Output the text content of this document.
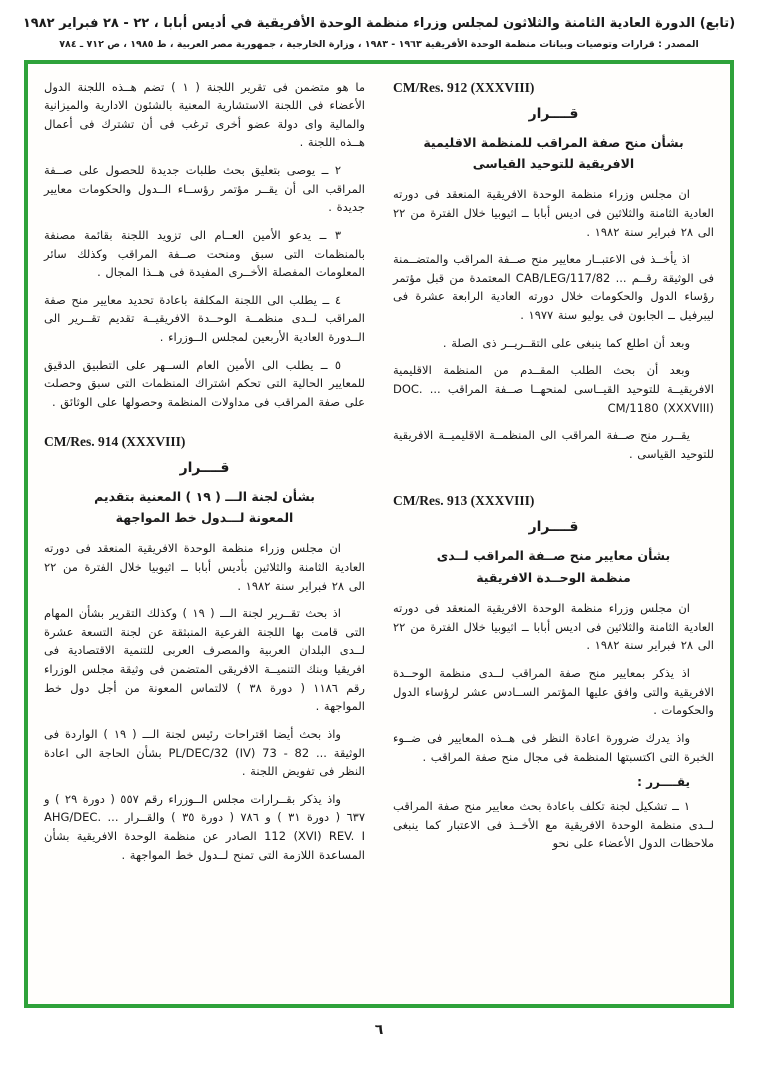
(تابع) الدورة العادية الثامنة والثلاثون لمجلس وزراء منظمة الوحدة الأفريقية في أديس أبابا ، ٢٢ - ٢٨ فبراير ١٩٨٢
المصدر : قرارات وتوصيات وبيانات منظمة الوحدة الأفريقية ١٩٦٣ - ١٩٨٣ ، وزارة الخارجية ، جمهورية مصر العربية ، ط ١٩٨٥ ، ص ٧١٢ ـ ٧٨٤
CM/Res. 912 (XXXVIII)
قــــرار
بشأن منح صفة المراقب للمنظمة الاقليمية
الافريقية للتوحيد القياسى

ان مجلس وزراء منظمة الوحدة الافريقية المنعقد فى دورته العادية الثامنة والثلاثين فى اديس أبابا ــ اثيوبيا خلال الفترة من ٢٢ الى ٢٨ فبراير سنة ١٩٨٢ .

اذ يأخــذ فى الاعتبــار معايير منح صــفة المراقب والمتضــمنة فى الوثيقة رقــم ... CAB/LEG/117/82 المعتمدة من قبل مؤتمر رؤساء الدول والحكومات خلال دورته العادية الرابعة عشرة فى ليبرفيل ــ الجابون فى يوليو سنة ١٩٧٧ .

وبعد أن اطلع كما ينبغى على التقــريــر ذى الصلة .

وبعد أن بحث الطلب المقــدم من المنظمة الاقليمية الافريقيــة للتوحيد القيــاسى لمنحهــا صــفة المراقب ... DOC. CM/1180 (XXXVIII)

يقــرر منح صــفة المراقب الى المنظمــة الاقليميــة الافريقية للتوحيد القياسى .

CM/Res. 913 (XXXVIII)
قــــرار
بشأن معايير منح صــفة المراقب لــدى
منظمة الوحــدة الافريقية

ان مجلس وزراء منظمة الوحدة الافريقية المنعقد فى دورته العادية الثامنة والثلاثين فى اديس أبابا ــ اثيوبيا خلال الفترة من ٢٢ الى ٢٨ فبراير سنة ١٩٨٢ .

اذ يذكر بمعايير منح صفة المراقب لــدى منظمة الوحــدة الافريقية والتى وافق عليها المؤتمر الســادس عشر لرؤساء الدول والحكومات .

واذ يدرك ضرورة اعادة النظر فى هــذه المعايير فى ضــوء الخبرة التى اكتسبتها المنظمة فى مجال منح صفة المراقب .

يقــــرر :

١ ــ تشكيل لجنة تكلف باعادة بحث معايير منح صفة المراقب لــدى منظمة الوحدة الافريقية مع الأخــذ فى الاعتبار كما ينبغى ملاحظات الدول الأعضاء على نحو

ما هو متضمن فى تقرير اللجنة ( ١ ) تضم هــذه اللجنة الدول الأعضاء فى اللجنة الاستشارية المعنية بالشئون الادارية والميزانية والمالية واى دولة عضو أخرى ترغب فى أن تشترك فى أعمال هــذه اللجنة .

٢ ــ يوصى بتعليق بحث طلبات جديدة للحصول على صــفة المراقب الى أن يقــر مؤتمر رؤســاء الــدول والحكومات معايير جديدة .

٣ ــ يدعو الأمين العــام الى تزويد اللجنة بقائمة مصنفة بالمنظمات التى سبق ومنحت صــفة المراقب وكذلك سائر المعلومات المفصلة الأخــرى المفيدة فى هــذا المجال .

٤ ــ يطلب الى اللجنة المكلفة باعادة تحديد معايير منح صفة المراقب لــدى منظمــة الوحــدة الافريقيــة تقديم تقــرير الى الــدورة العادية الأربعين لمجلس الــوزراء .

٥ ــ يطلب الى الأمين العام الســهر على التطبيق الدقيق للمعايير الحالية التى تحكم اشتراك المنظمات التى سبق وحصلت على صفة المراقب فى مداولات المنظمة وحصولها على الوثائق .

CM/Res. 914 (XXXVIII)
قــــرار
بشأن لجنة الـــ ( ١٩ ) المعنية بتقديم
المعونة لـــدول خط المواجهة

ان مجلس وزراء منظمة الوحدة الافريقية المنعقد فى دورته العادية الثامنة والثلاثين بأديس أبابا ــ اثيوبيا خلال الفترة من ٢٢ الى ٢٨ فبراير سنة ١٩٨٢ .

اذ بحث تقــرير لجنة الـــ ( ١٩ ) وكذلك التقرير بشأن المهام التى قامت بها اللجنة الفرعية المنبثقة عن لجنة التسعة عشرة لــدى البلدان العربية والمصرف العربى للتنمية الاقتصادية فى افريقيا وبنك التنميــة الافريقى المتضمن فى وثيقة مجلس الوزراء رقم ١١٨٦ ( دورة ٣٨ ) لالتماس المعونة من أجل دول خط المواجهة .

واذ بحث أيضا اقتراحات رئيس لجنة الـــ ( ١٩ ) الواردة فى الوثيقة ... PL/DEC/32 (IV) 73 - 82 بشأن الحاجة الى اعادة النظر فى تفويض اللجنة .

واذ يذكر بقــرارات مجلس الــوزراء رقم ٥٥٧ ( دورة ٢٩ ) و ٦٣٧ ( دورة ٣١ ) و ٧٨٦ ( دورة ٣٥ ) والقــرار ... AHG/DEC. 112 (XVI) REV. I الصادر عن منظمة الوحدة الافريقية بشأن المساعدة اللازمة التى تمنح لــدول خط المواجهة .

٦
